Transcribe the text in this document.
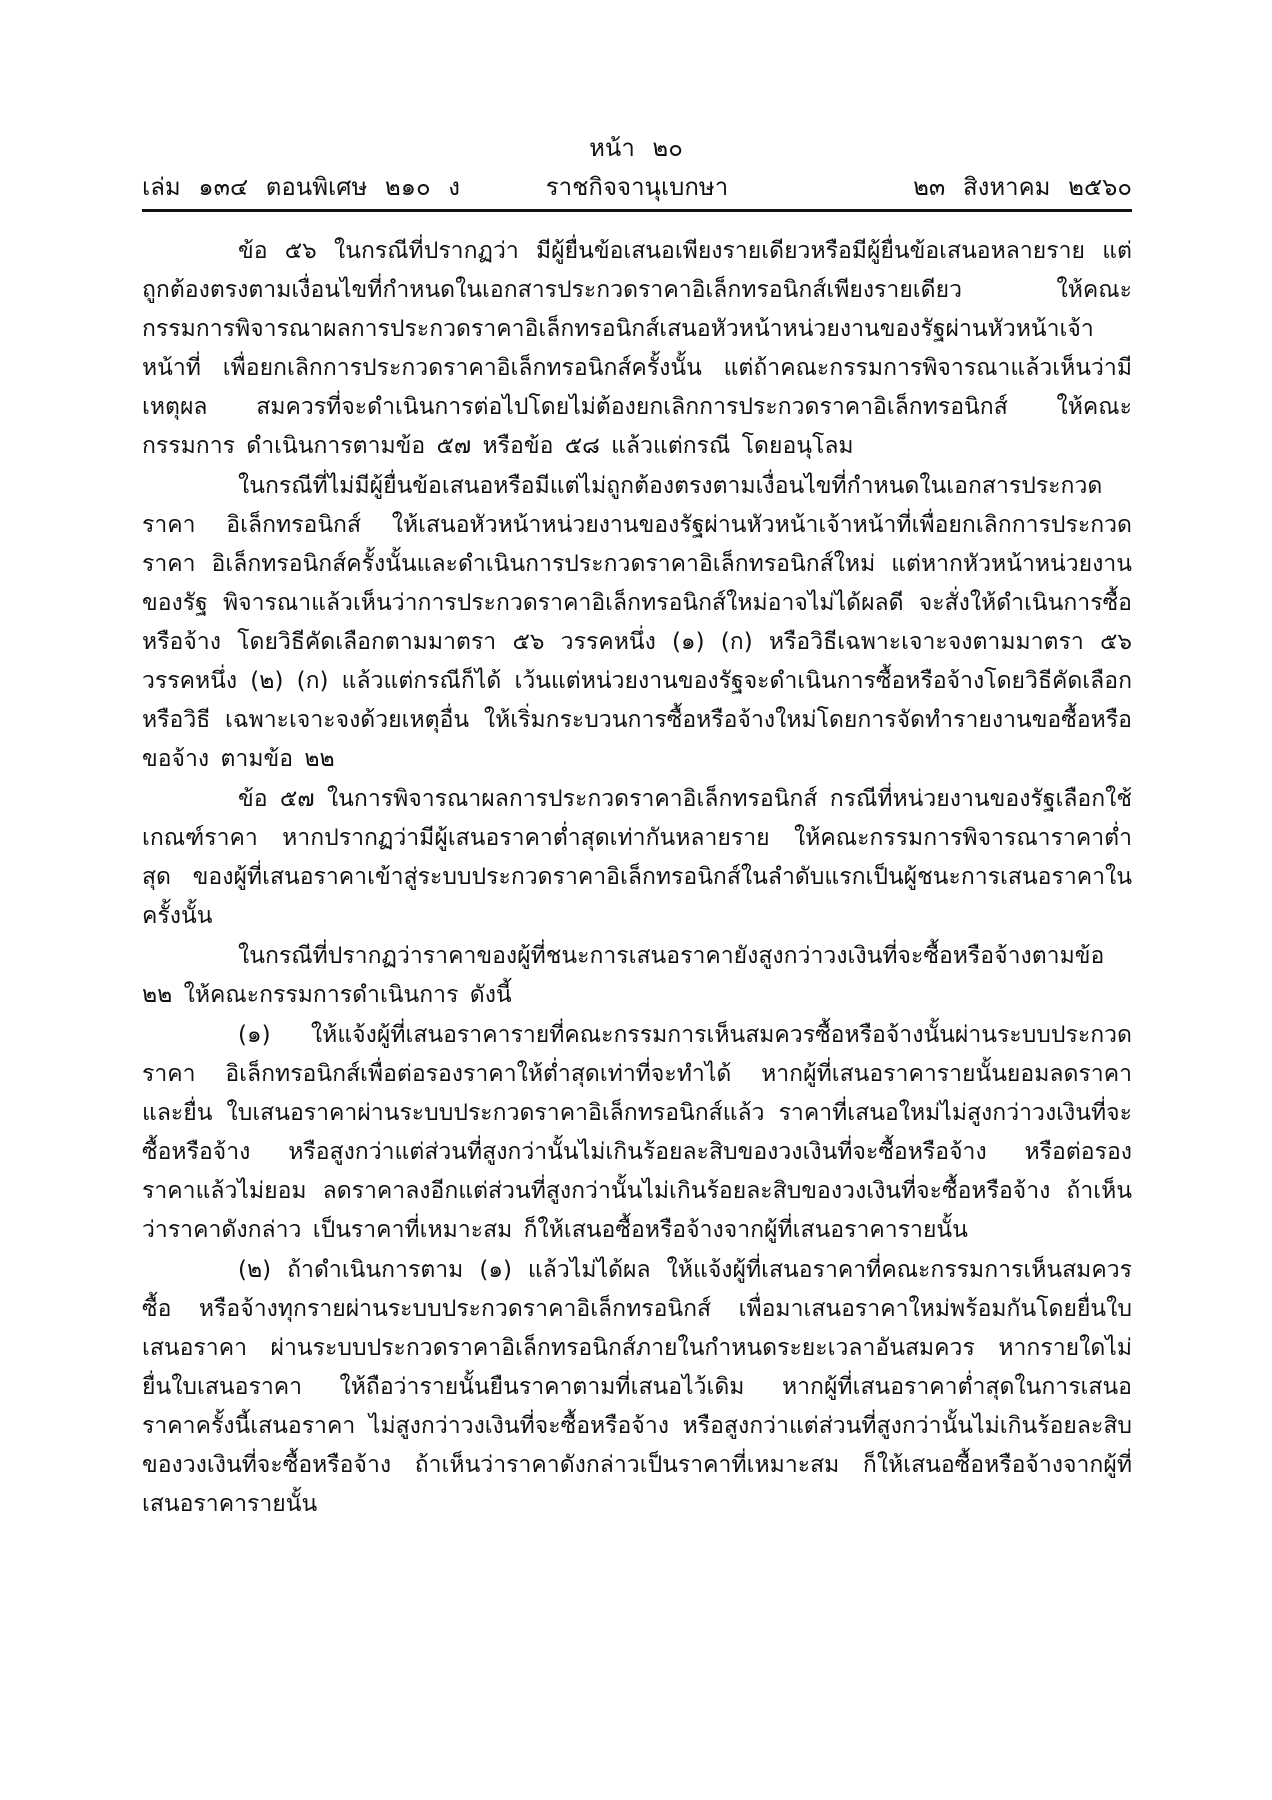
หน้า ๒๐
เล่ม ๑๓๔ ตอนพิเศษ ๒๑๐ ง	ราชกิจจานุเบกษา	๒๓ สิงหาคม ๒๕๖๐

ข้อ ๕๖ ในกรณีที่ปรากฏว่า มีผู้ยื่นข้อเสนอเพียงรายเดียวหรือมีผู้ยื่นข้อเสนอหลายราย แต่ถูกต้องตรงตามเงื่อนไขที่กำหนดในเอกสารประกวดราคาอิเล็กทรอนิกส์เพียงรายเดียว ให้คณะกรรมการพิจารณาผลการประกวดราคาอิเล็กทรอนิกส์เสนอหัวหน้าหน่วยงานของรัฐผ่านหัวหน้าเจ้าหน้าที่ เพื่อยกเลิกการประกวดราคาอิเล็กทรอนิกส์ครั้งนั้น แต่ถ้าคณะกรรมการพิจารณาแล้วเห็นว่ามีเหตุผล สมควรที่จะดำเนินการต่อไปโดยไม่ต้องยกเลิกการประกวดราคาอิเล็กทรอนิกส์ ให้คณะกรรมการ ดำเนินการตามข้อ ๕๗ หรือข้อ ๕๘ แล้วแต่กรณี โดยอนุโลม

ในกรณีที่ไม่มีผู้ยื่นข้อเสนอหรือมีแต่ไม่ถูกต้องตรงตามเงื่อนไขที่กำหนดในเอกสารประกวดราคา อิเล็กทรอนิกส์ ให้เสนอหัวหน้าหน่วยงานของรัฐผ่านหัวหน้าเจ้าหน้าที่เพื่อยกเลิกการประกวดราคา อิเล็กทรอนิกส์ครั้งนั้นและดำเนินการประกวดราคาอิเล็กทรอนิกส์ใหม่ แต่หากหัวหน้าหน่วยงานของรัฐ พิจารณาแล้วเห็นว่าการประกวดราคาอิเล็กทรอนิกส์ใหม่อาจไม่ได้ผลดี จะสั่งให้ดำเนินการซื้อหรือจ้าง โดยวิธีคัดเลือกตามมาตรา ๕๖ วรรคหนึ่ง (๑) (ก) หรือวิธีเฉพาะเจาะจงตามมาตรา ๕๖ วรรคหนึ่ง (๒) (ก) แล้วแต่กรณีก็ได้ เว้นแต่หน่วยงานของรัฐจะดำเนินการซื้อหรือจ้างโดยวิธีคัดเลือกหรือวิธี เฉพาะเจาะจงด้วยเหตุอื่น ให้เริ่มกระบวนการซื้อหรือจ้างใหม่โดยการจัดทำรายงานขอซื้อหรือขอจ้าง ตามข้อ ๒๒

ข้อ ๕๗ ในการพิจารณาผลการประกวดราคาอิเล็กทรอนิกส์ กรณีที่หน่วยงานของรัฐเลือกใช้ เกณฑ์ราคา หากปรากฏว่ามีผู้เสนอราคาต่ำสุดเท่ากันหลายราย ให้คณะกรรมการพิจารณาราคาต่ำสุด ของผู้ที่เสนอราคาเข้าสู่ระบบประกวดราคาอิเล็กทรอนิกส์ในลำดับแรกเป็นผู้ชนะการเสนอราคาในครั้งนั้น

ในกรณีที่ปรากฏว่าราคาของผู้ที่ชนะการเสนอราคายังสูงกว่าวงเงินที่จะซื้อหรือจ้างตามข้อ ๒๒ ให้คณะกรรมการดำเนินการ ดังนี้

(๑) ให้แจ้งผู้ที่เสนอราคารายที่คณะกรรมการเห็นสมควรซื้อหรือจ้างนั้นผ่านระบบประกวดราคา อิเล็กทรอนิกส์เพื่อต่อรองราคาให้ต่ำสุดเท่าที่จะทำได้ หากผู้ที่เสนอราคารายนั้นยอมลดราคาและยื่น ใบเสนอราคาผ่านระบบประกวดราคาอิเล็กทรอนิกส์แล้ว ราคาที่เสนอใหม่ไม่สูงกว่าวงเงินที่จะซื้อหรือจ้าง หรือสูงกว่าแต่ส่วนที่สูงกว่านั้นไม่เกินร้อยละสิบของวงเงินที่จะซื้อหรือจ้าง หรือต่อรองราคาแล้วไม่ยอม ลดราคาลงอีกแต่ส่วนที่สูงกว่านั้นไม่เกินร้อยละสิบของวงเงินที่จะซื้อหรือจ้าง ถ้าเห็นว่าราคาดังกล่าว เป็นราคาที่เหมาะสม ก็ให้เสนอซื้อหรือจ้างจากผู้ที่เสนอราคารายนั้น

(๒) ถ้าดำเนินการตาม (๑) แล้วไม่ได้ผล ให้แจ้งผู้ที่เสนอราคาที่คณะกรรมการเห็นสมควรซื้อ หรือจ้างทุกรายผ่านระบบประกวดราคาอิเล็กทรอนิกส์ เพื่อมาเสนอราคาใหม่พร้อมกันโดยยื่นใบเสนอราคา ผ่านระบบประกวดราคาอิเล็กทรอนิกส์ภายในกำหนดระยะเวลาอันสมควร หากรายใดไม่ยื่นใบเสนอราคา ให้ถือว่ารายนั้นยืนราคาตามที่เสนอไว้เดิม หากผู้ที่เสนอราคาต่ำสุดในการเสนอราคาครั้งนี้เสนอราคา ไม่สูงกว่าวงเงินที่จะซื้อหรือจ้าง หรือสูงกว่าแต่ส่วนที่สูงกว่านั้นไม่เกินร้อยละสิบของวงเงินที่จะซื้อหรือจ้าง ถ้าเห็นว่าราคาดังกล่าวเป็นราคาที่เหมาะสม ก็ให้เสนอซื้อหรือจ้างจากผู้ที่เสนอราคารายนั้น
